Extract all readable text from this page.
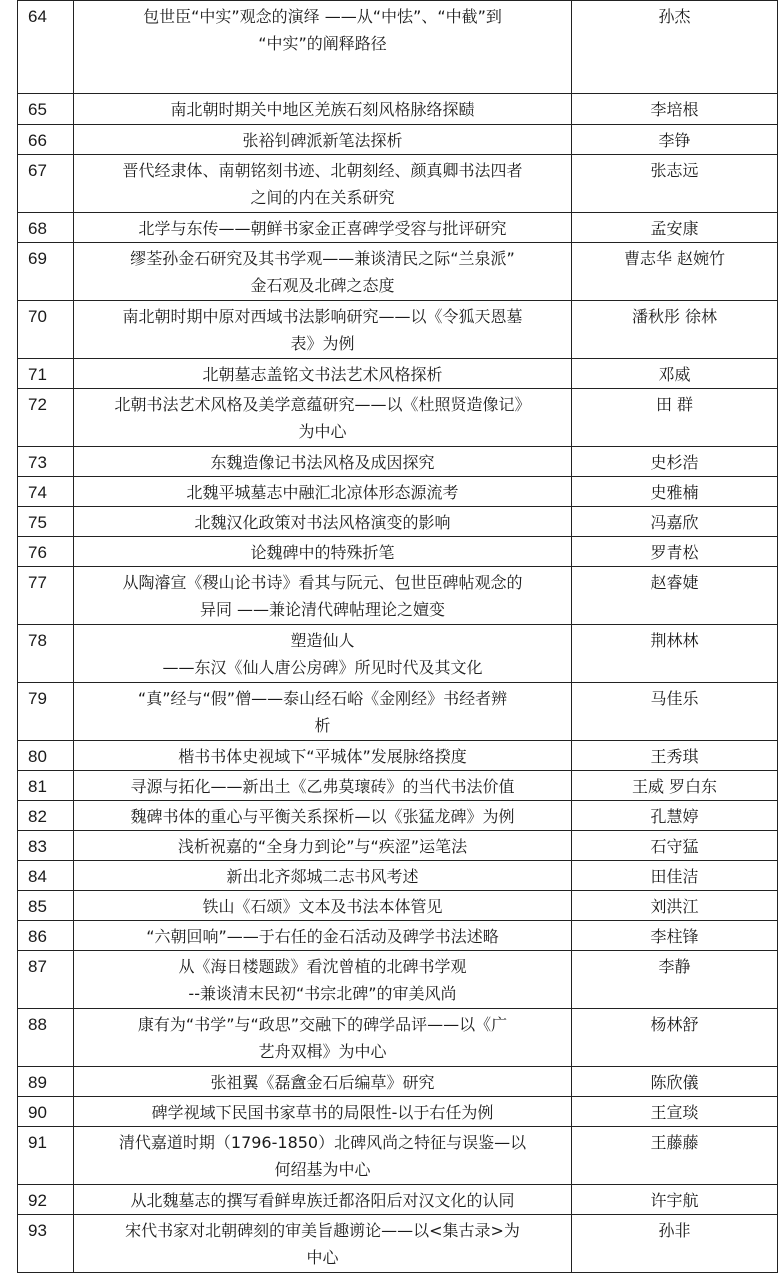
64	包世臣“中实”观念的演绎 ——从“中怯”、“中截”到
“中实”的阐释路径	孙杰
65	南北朝时期关中地区羌族石刻风格脉络探赜	李培根
66	张裕钊碑派新笔法探析	李铮
67	晋代经隶体、南朝铭刻书迹、北朝刻经、颜真卿书法四者
之间的内在关系研究	张志远
68	北学与东传——朝鲜书家金正喜碑学受容与批评研究	孟安康
69	缪荃孙金石研究及其书学观——兼谈清民之际“兰泉派”
金石观及北碑之态度	曹志华 赵婉竹
70	南北朝时期中原对西域书法影响研究——以《令狐天恩墓
表》为例	潘秋彤 徐林
71	北朝墓志盖铭文书法艺术风格探析	邓威
72	北朝书法艺术风格及美学意蕴研究——以《杜照贤造像记》
为中心	田 群
73	东魏造像记书法风格及成因探究	史杉浩
74	北魏平城墓志中融汇北凉体形态源流考	史雅楠
75	北魏汉化政策对书法风格演变的影响	冯嘉欣
76	论魏碑中的特殊折笔	罗青松
77	从陶濬宣《稷山论书诗》看其与阮元、包世臣碑帖观念的
异同 ——兼论清代碑帖理论之嬗变	赵睿婕
78	塑造仙人
——东汉《仙人唐公房碑》所见时代及其文化	荆林林
79	“真”经与“假”僧——泰山经石峪《金刚经》书经者辨
析	马佳乐
80	楷书书体史视域下“平城体”发展脉络揆度	王秀琪
81	寻源与拓化——新出土《乙弗莫瓌砖》的当代书法价值	王威 罗白东
82	魏碑书体的重心与平衡关系探析—以《张猛龙碑》为例	孔慧婷
83	浅析祝嘉的“全身力到论”与“疾涩”运笔法	石守猛
84	新出北齐郯城二志书风考述	田佳洁
85	铁山《石颂》文本及书法本体管见	刘洪江
86	“六朝回响”——于右任的金石活动及碑学书法述略	李柱锋
87	从《海日楼题跋》看沈曾植的北碑书学观
--兼谈清末民初“书宗北碑”的审美风尚	李静
88	康有为“书学”与“政思”交融下的碑学品评——以《广
艺舟双楫》为中心	杨林舒
89	张祖翼《磊盦金石后编草》研究	陈欣儀
90	碑学视域下民国书家草书的局限性-以于右任为例	王宣琰
91	清代嘉道时期（1796-1850）北碑风尚之特征与误鉴—以
何绍基为中心	王藤藤
92	从北魏墓志的撰写看鲜卑族迁都洛阳后对汉文化的认同	许宇航
93	宋代书家对北朝碑刻的审美旨趣谫论——以<集古录>为
中心	孙非
